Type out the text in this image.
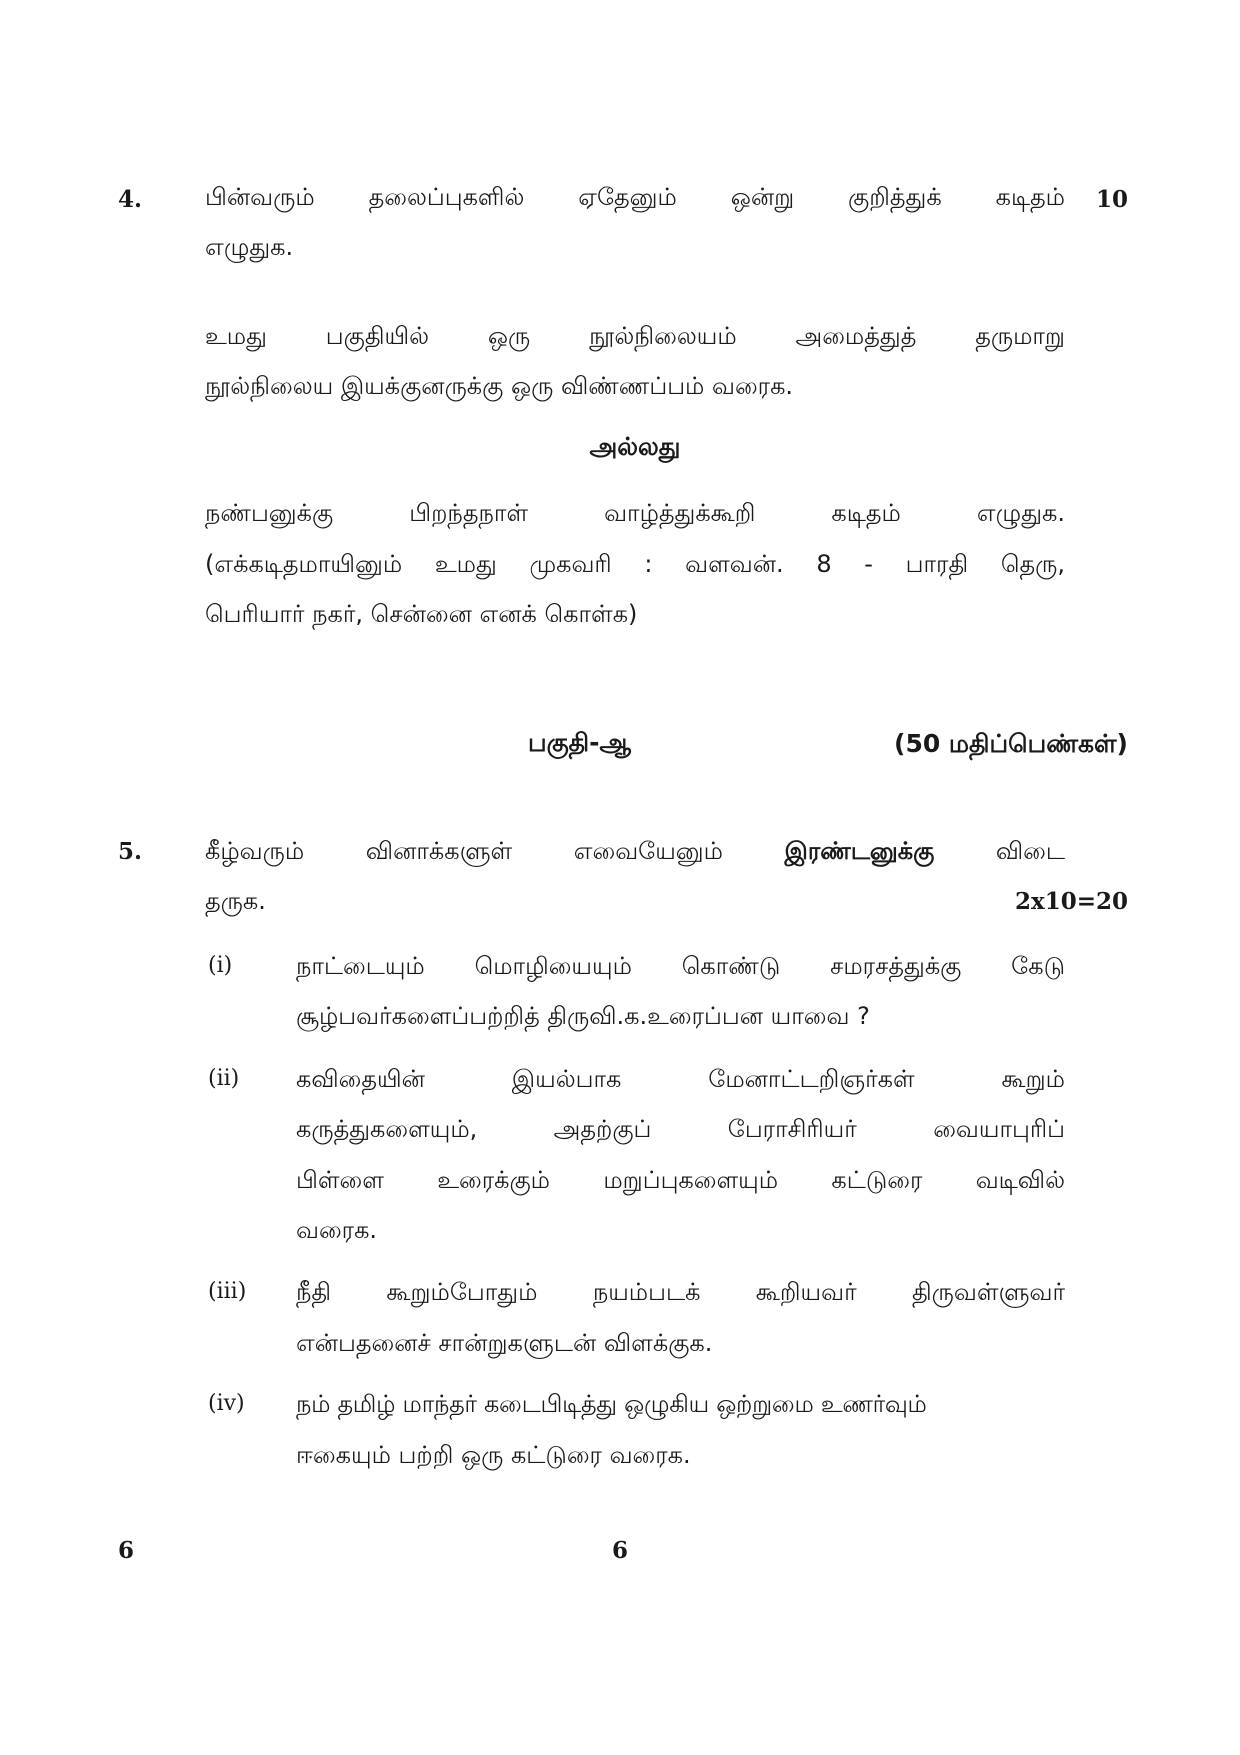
4.	10
பின்வரும் தலைப்புகளில் ஏதேனும் ஒன்று குறித்துக் கடிதம்
எழுதுக.
உமது பகுதியில் ஒரு நூல்நிலையம் அமைத்துத் தருமாறு
நூல்நிலைய இயக்குனருக்கு ஒரு விண்ணப்பம் வரைக.
அல்லது
நண்பனுக்கு பிறந்தநாள் வாழ்த்துக்கூறி கடிதம் எழுதுக.
(எக்கடிதமாயினும் உமது முகவரி : வளவன். 8 - பாரதி தெரு,
பெரியார் நகர், சென்னை எனக் கொள்க)
பகுதி-ஆ	(50 மதிப்பெண்கள்)
5.	கீழ்வரும் வினாக்களுள் எவையேனும்	இரண்டனுக்கு	விடை
தருக.	2x10=20
(i)	நாட்டையும் மொழியையும் கொண்டு சமரசத்துக்கு கேடு
சூழ்பவர்களைப்பற்றித் திருவி.க.உரைப்பன யாவை ?
(ii) கவிதையின் இயல்பாக மேனாட்டறிஞர்கள் கூறும்
கருத்துகளையும், அதற்குப் பேராசிரியர் வையாபுரிப்
பிள்ளை உரைக்கும் மறுப்புகளையும் கட்டுரை வடிவில்
வரைக.
(iii) நீதி கூறும்போதும் நயம்படக் கூறியவர் திருவள்ளுவர்
என்பதனைச் சான்றுகளுடன் விளக்குக.
(iv) நம் தமிழ் மாந்தர் கடைபிடித்து ஒழுகிய ஒற்றுமை உணர்வும்
ஈகையும் பற்றி ஒரு கட்டுரை வரைக.
6	6
